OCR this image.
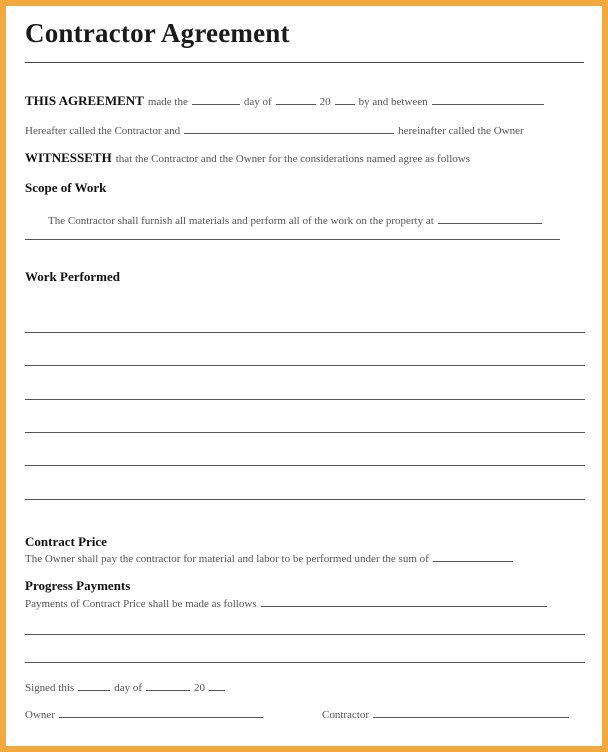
Contractor Agreement
THIS AGREEMENT made the	day of	20	by and between
Hereafter called the Contractor and	hereinafter called the Owner
WITNESSETH that the Contractor and the Owner for the considerations named agree as follows
Scope of Work
The Contractor shall furnish all materials and perform all of the work on the property at
Work Performed
Contract Price
The Owner shall pay the contractor for material and labor to be performed under the sum of
Progress Payments
Payments of Contract Price shall be made as follows
Signed this	day of	20
Owner	Contractor
